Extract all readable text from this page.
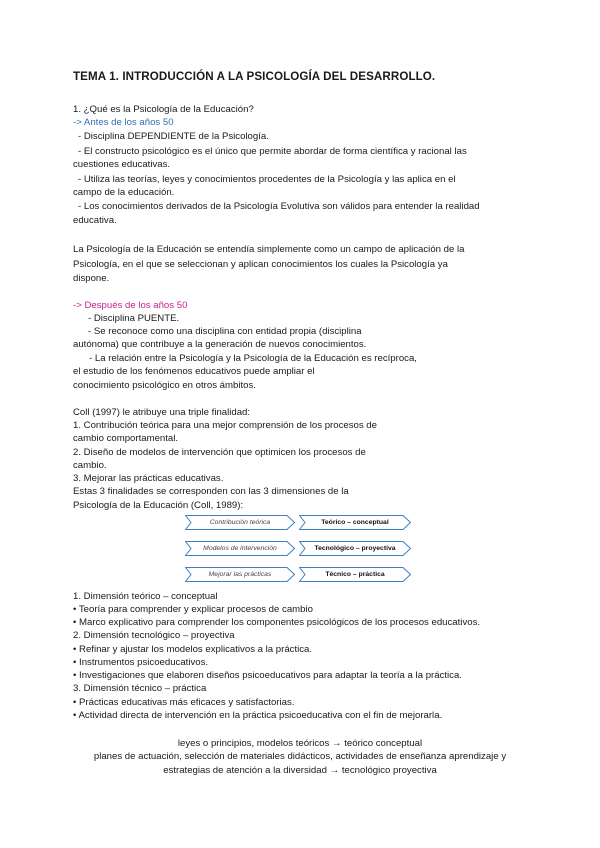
TEMA 1. INTRODUCCIÓN A LA PSICOLOGÍA DEL DESARROLLO.
1. ¿Qué es la Psicología de la Educación?
-> Antes de los años 50
- Disciplina DEPENDIENTE de la Psicología.
- El constructo psicológico es el único que permite abordar de forma científica y racional las
cuestiones educativas.
- Utiliza las teorías, leyes y conocimientos procedentes de la Psicología y las aplica en el
campo de la educación.
- Los conocimientos derivados de la Psicología Evolutiva son válidos para entender la realidad
educativa.
La Psicología de la Educación se entendía simplemente como un campo de aplicación de la
Psicología, en el que se seleccionan y aplican conocimientos los cuales la Psicología ya
dispone.
-> Después de los años 50
- Disciplina PUENTE.
- Se reconoce como una disciplina con entidad propia (disciplina
autónoma) que contribuye a la generación de nuevos conocimientos.
- La relación entre la Psicología y la Psicología de la Educación es recíproca,
el estudio de los fenómenos educativos puede ampliar el
conocimiento psicológico en otros ámbitos.
Coll (1997) le atribuye una triple finalidad:
1. Contribución teórica para una mejor comprensión de los procesos de
cambio comportamental.
2. Diseño de modelos de intervención que optimicen los procesos de
cambio.
3. Mejorar las prácticas educativas.
Estas 3 finalidades se corresponden con las 3 dimensiones de la
Psicología de la Educación (Coll, 1989):
Contribución teórica	Teórico – conceptual
Modelos de intervención	Tecnológico – proyectiva
Mejorar las prácticas	Técnico – práctica
1. Dimensión teórico – conceptual
• Teoría para comprender y explicar procesos de cambio
• Marco explicativo para comprender los componentes psicológicos de los procesos educativos.
2. Dimensión tecnológico – proyectiva
• Refinar y ajustar los modelos explicativos a la práctica.
• Instrumentos psicoeducativos.
• Investigaciones que elaboren diseños psicoeducativos para adaptar la teoría a la práctica.
3. Dimensión técnico – práctica
• Prácticas educativas más eficaces y satisfactorias.
• Actividad directa de intervención en la práctica psicoeducativa con el fin de mejorarla.
leyes o principios, modelos teóricos → teórico conceptual
planes de actuación, selección de materiales didácticos, actividades de enseñanza aprendizaje y
estrategias de atención a la diversidad → tecnológico proyectiva
